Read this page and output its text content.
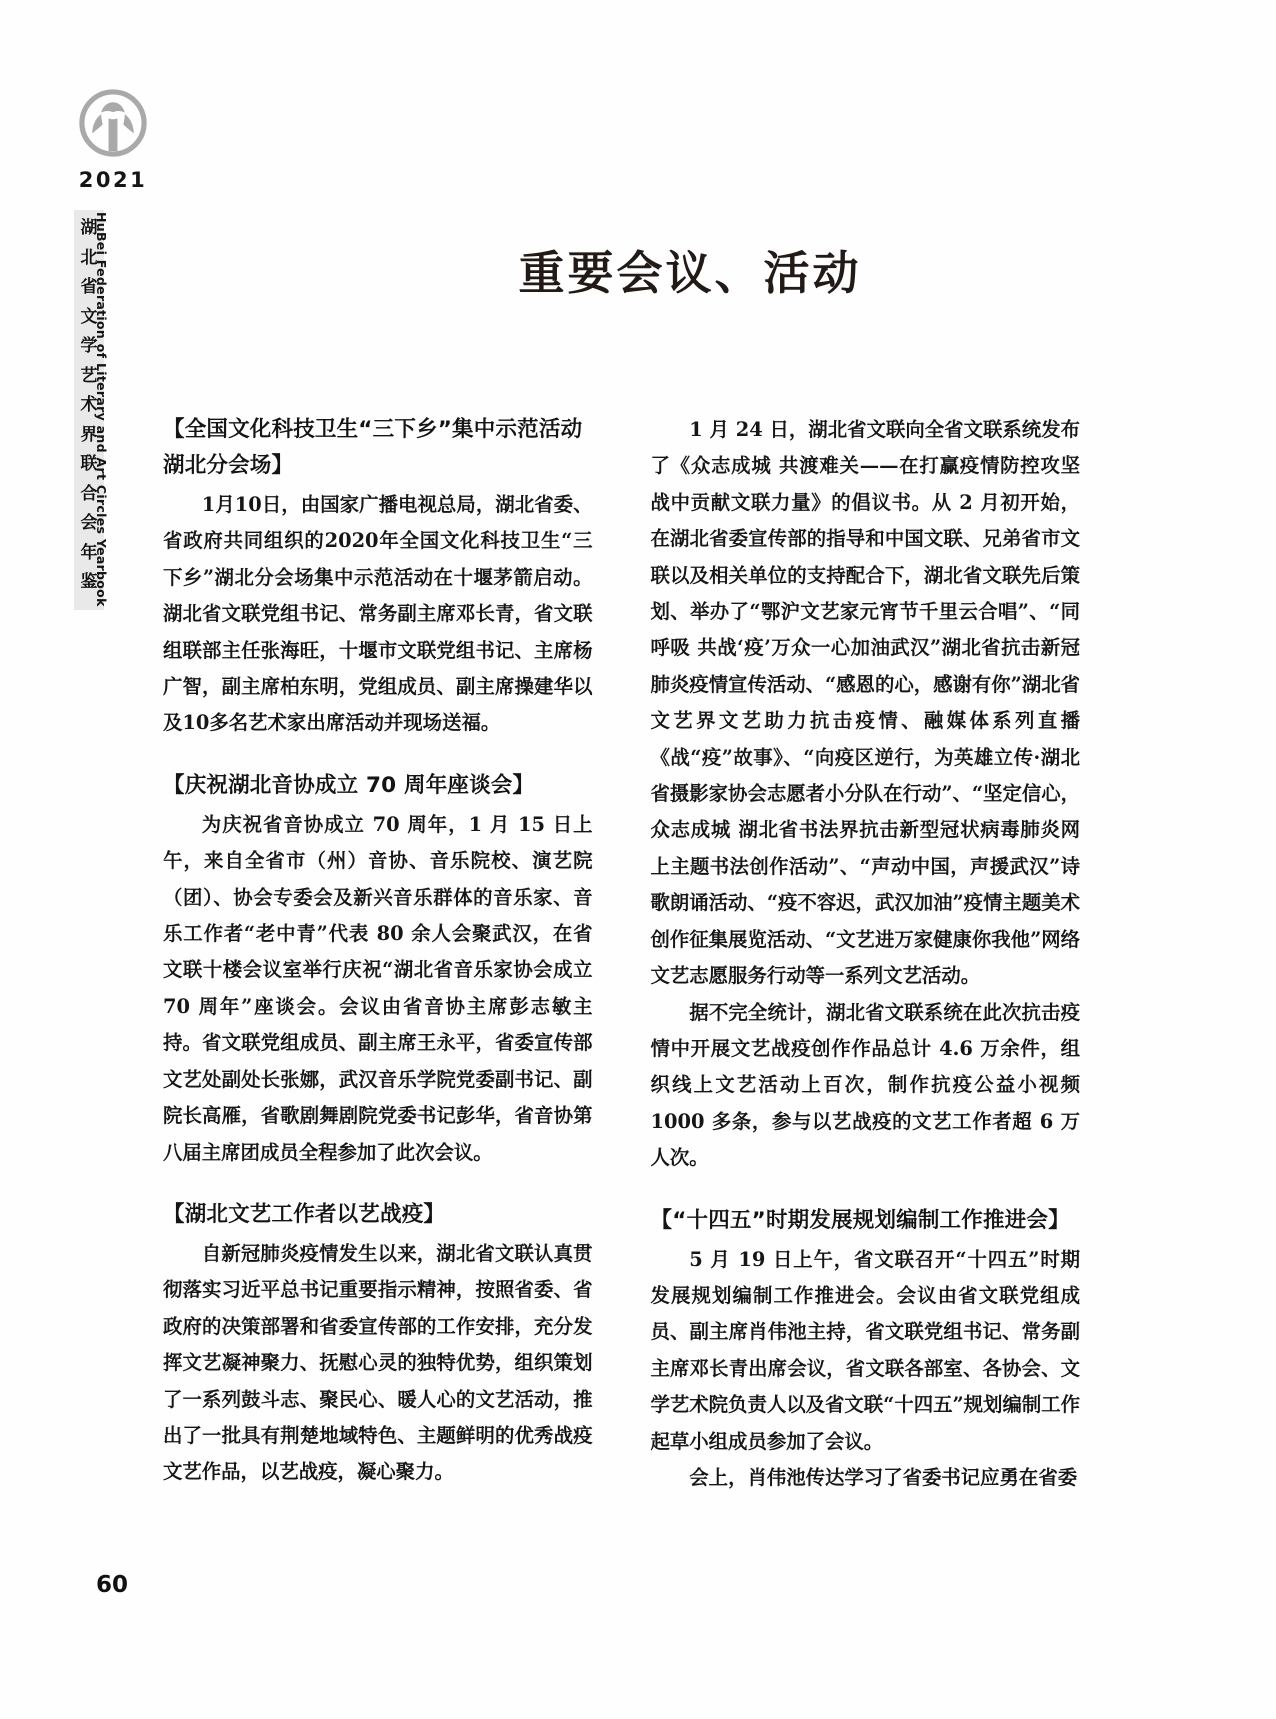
2021
湖北省文学艺术界联合会年鉴
HuBei Federation of Literary and Art Circles Yearbook	重要会议、活动
【全国文化科技卫生“三下乡”集中示范活动湖北分会场】

1月10日，由国家广播电视总局，湖北省委、省政府共同组织的2020年全国文化科技卫生“三下乡”湖北分会场集中示范活动在十堰茅箭启动。湖北省文联党组书记、常务副主席邓长青，省文联组联部主任张海旺，十堰市文联党组书记、主席杨广智，副主席柏东明，党组成员、副主席操建华以及10多名艺术家出席活动并现场送福。

【庆祝湖北音协成立 70 周年座谈会】

为庆祝省音协成立 70 周年，1 月 15 日上午，来自全省市（州）音协、音乐院校、演艺院（团）、协会专委会及新兴音乐群体的音乐家、音乐工作者“老中青”代表 80 余人会聚武汉，在省文联十楼会议室举行庆祝“湖北省音乐家协会成立 70 周年”座谈会。会议由省音协主席彭志敏主持。省文联党组成员、副主席王永平，省委宣传部文艺处副处长张娜，武汉音乐学院党委副书记、副院长高雁，省歌剧舞剧院党委书记彭华，省音协第八届主席团成员全程参加了此次会议。

【湖北文艺工作者以艺战疫】

自新冠肺炎疫情发生以来，湖北省文联认真贯彻落实习近平总书记重要指示精神，按照省委、省政府的决策部署和省委宣传部的工作安排，充分发挥文艺凝神聚力、抚慰心灵的独特优势，组织策划了一系列鼓斗志、聚民心、暖人心的文艺活动，推出了一批具有荆楚地域特色、主题鲜明的优秀战疫文艺作品，以艺战疫，凝心聚力。

1 月 24 日，湖北省文联向全省文联系统发布了《众志成城 共渡难关——在打赢疫情防控攻坚战中贡献文联力量》的倡议书。从 2 月初开始，在湖北省委宣传部的指导和中国文联、兄弟省市文联以及相关单位的支持配合下，湖北省文联先后策划、举办了“鄂沪文艺家元宵节千里云合唱”、“同呼吸 共战‘疫’万众一心加油武汉”湖北省抗击新冠肺炎疫情宣传活动、“感恩的心，感谢有你”湖北省文艺界文艺助力抗击疫情、融媒体系列直播《战“疫”故事》、“向疫区逆行，为英雄立传·湖北省摄影家协会志愿者小分队在行动”、“坚定信心，众志成城 湖北省书法界抗击新型冠状病毒肺炎网上主题书法创作活动”、“声动中国，声援武汉”诗歌朗诵活动、“疫不容迟，武汉加油”疫情主题美术创作征集展览活动、“文艺进万家健康你我他”网络文艺志愿服务行动等一系列文艺活动。

据不完全统计，湖北省文联系统在此次抗击疫情中开展文艺战疫创作作品总计 4.6 万余件，组织线上文艺活动上百次，制作抗疫公益小视频 1000 多条，参与以艺战疫的文艺工作者超 6 万人次。

【“十四五”时期发展规划编制工作推进会】

5 月 19 日上午，省文联召开“十四五”时期发展规划编制工作推进会。会议由省文联党组成员、副主席肖伟池主持，省文联党组书记、常务副主席邓长青出席会议，省文联各部室、各协会、文学艺术院负责人以及省文联“十四五”规划编制工作起草小组成员参加了会议。

会上，肖伟池传达学习了省委书记应勇在省委

60
